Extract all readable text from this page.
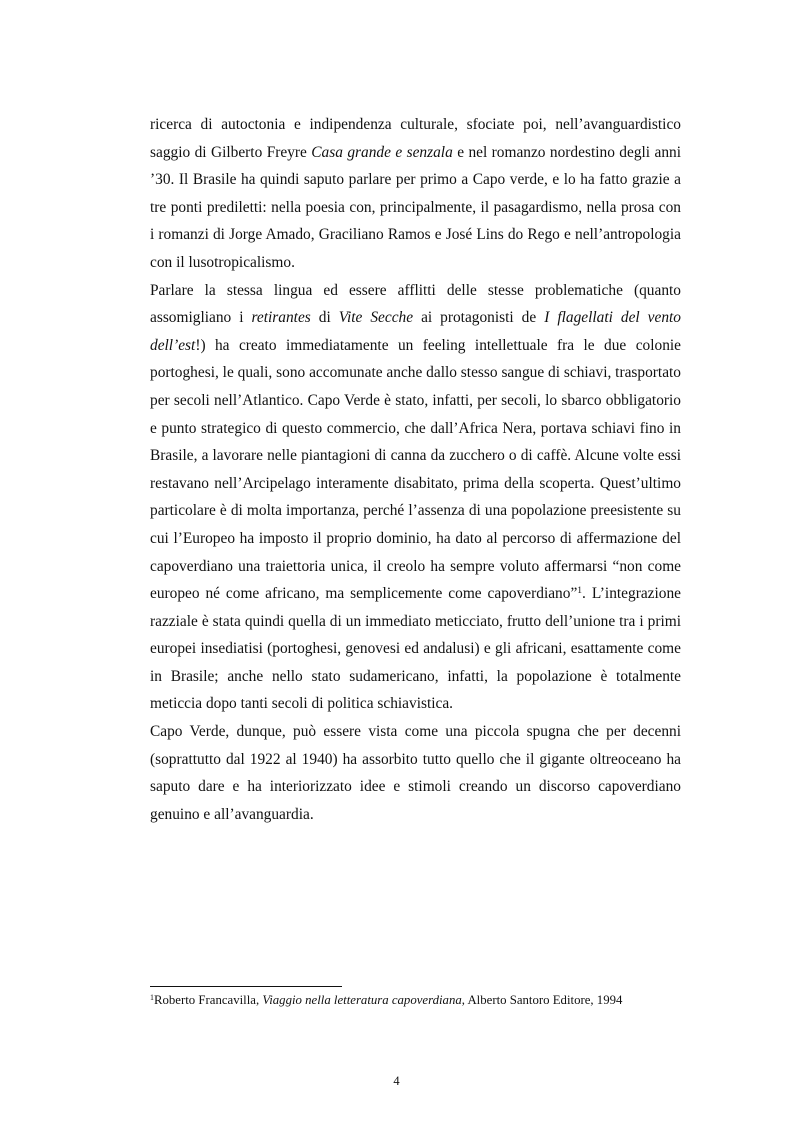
ricerca di autoctonia e indipendenza culturale, sfociate poi, nell’avanguardistico saggio di Gilberto Freyre Casa grande e senzala e nel romanzo nordestino degli anni ’30. Il Brasile ha quindi saputo parlare per primo a Capo verde, e lo ha fatto grazie a tre ponti prediletti: nella poesia con, principalmente, il pasagardismo, nella prosa con i romanzi di Jorge Amado, Graciliano Ramos e José Lins do Rego e nell’antropologia con il lusotropicalismo.

Parlare la stessa lingua ed essere afflitti delle stesse problematiche (quanto assomigliano i retirantes di Vite Secche ai protagonisti de I flagellati del vento dell’est!) ha creato immediatamente un feeling intellettuale fra le due colonie portoghesi, le quali, sono accomunate anche dallo stesso sangue di schiavi, trasportato per secoli nell’Atlantico. Capo Verde è stato, infatti, per secoli, lo sbarco obbligatorio e punto strategico di questo commercio, che dall’Africa Nera, portava schiavi fino in Brasile, a lavorare nelle piantagioni di canna da zucchero o di caffè. Alcune volte essi restavano nell’Arcipelago interamente disabitato, prima della scoperta. Quest’ultimo particolare è di molta importanza, perché l’assenza di una popolazione preesistente su cui l’Europeo ha imposto il proprio dominio, ha dato al percorso di affermazione del capoverdiano una traiettoria unica, il creolo ha sempre voluto affermarsi “non come europeo né come africano, ma semplicemente come capoverdiano”$^1$. L’integrazione razziale è stata quindi quella di un immediato meticciato, frutto dell’unione tra i primi europei insediatisi (portoghesi, genovesi ed andalusi) e gli africani, esattamente come in Brasile; anche nello stato sudamericano, infatti, la popolazione è totalmente meticcia dopo tanti secoli di politica schiavistica.

Capo Verde, dunque, può essere vista come una piccola spugna che per decenni (soprattutto dal 1922 al 1940) ha assorbito tutto quello che il gigante oltreoceano ha saputo dare e ha interiorizzato idee e stimoli creando un discorso capoverdiano genuino e all’avanguardia.

$^1$Roberto Francavilla, Viaggio nella letteratura capoverdiana, Alberto Santoro Editore, 1994
4
